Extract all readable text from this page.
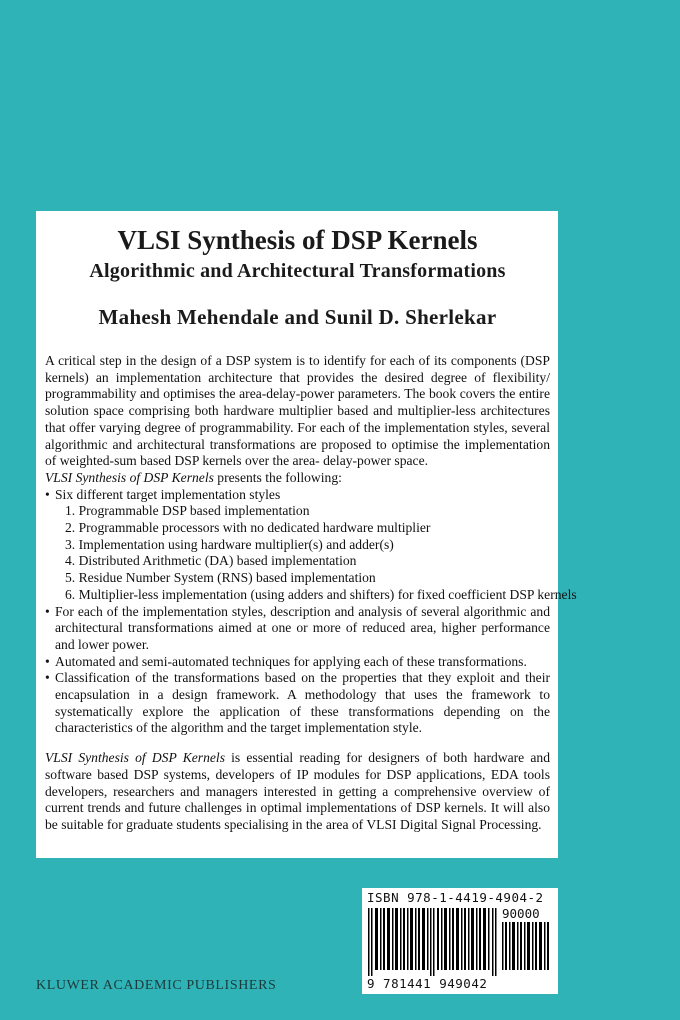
VLSI Synthesis of DSP Kernels
Algorithmic and Architectural Transformations
Mahesh Mehendale and Sunil D. Sherlekar

A critical step in the design of a DSP system is to identify for each of its components (DSP kernels) an implementation architecture that provides the desired degree of flexibility/ programmability and optimises the area-delay-power parameters. The book covers the entire solution space comprising both hardware multiplier based and multiplier-less architectures that offer varying degree of programmability. For each of the implementation styles, several algorithmic and architectural transformations are proposed to optimise the implementation of weighted-sum based DSP kernels over the area- delay-power space.

VLSI Synthesis of DSP Kernels presents the following:

• Six different target implementation styles
1. Programmable DSP based implementation
2. Programmable processors with no dedicated hardware multiplier
3. Implementation using hardware multiplier(s) and adder(s)
4. Distributed Arithmetic (DA) based implementation
5. Residue Number System (RNS) based implementation
6. Multiplier-less implementation (using adders and shifters) for fixed coefficient DSP kernels
• For each of the implementation styles, description and analysis of several algorithmic and architectural transformations aimed at one or more of reduced area, higher performance and lower power.
• Automated and semi-automated techniques for applying each of these transformations.
• Classification of the transformations based on the properties that they exploit and their encapsulation in a design framework. A methodology that uses the framework to systematically explore the application of these transformations depending on the characteristics of the algorithm and the target implementation style.

VLSI Synthesis of DSP Kernels is essential reading for designers of both hardware and software based DSP systems, developers of IP modules for DSP applications, EDA tools developers, researchers and managers interested in getting a comprehensive overview of current trends and future challenges in optimal implementations of DSP kernels. It will also be suitable for graduate students specialising in the area of VLSI Digital Signal Processing.

ISBN 978-1-4419-4904-2
90000
9 781441 949042
KLUWER ACADEMIC PUBLISHERS
